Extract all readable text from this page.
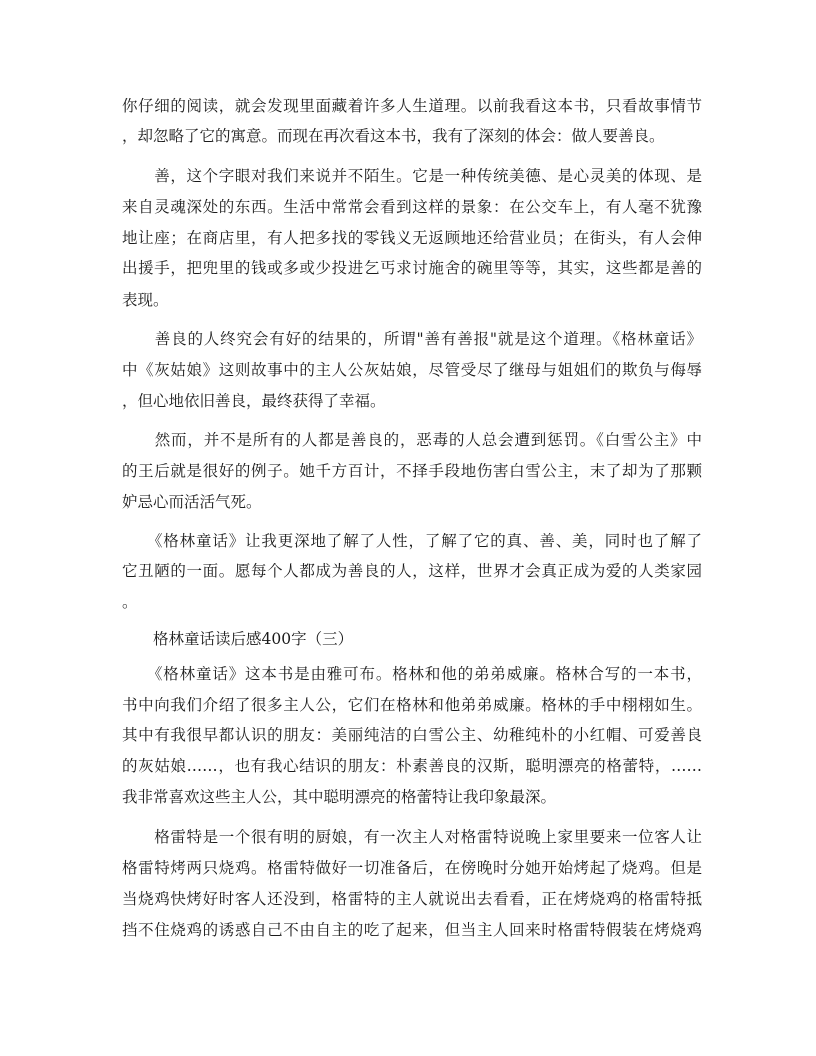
你仔细的阅读，就会发现里面藏着许多人生道理。以前我看这本书，只看故事情节
，却忽略了它的寓意。而现在再次看这本书，我有了深刻的体会：做人要善良。
　　善，这个字眼对我们来说并不陌生。它是一种传统美德、是心灵美的体现、是
来自灵魂深处的东西。生活中常常会看到这样的景象：在公交车上，有人毫不犹豫
地让座；在商店里，有人把多找的零钱义无返顾地还给营业员；在街头，有人会伸
出援手，把兜里的钱或多或少投进乞丐求讨施舍的碗里等等，其实，这些都是善的
表现。
　　善良的人终究会有好的结果的，所谓"善有善报"就是这个道理。《格林童话》
中《灰姑娘》这则故事中的主人公灰姑娘，尽管受尽了继母与姐姐们的欺负与侮辱
，但心地依旧善良，最终获得了幸福。
　　然而，并不是所有的人都是善良的，恶毒的人总会遭到惩罚。《白雪公主》中
的王后就是很好的例子。她千方百计，不择手段地伤害白雪公主，末了却为了那颗
妒忌心而活活气死。
　　《格林童话》让我更深地了解了人性，了解了它的真、善、美，同时也了解了
它丑陋的一面。愿每个人都成为善良的人，这样，世界才会真正成为爱的人类家园
。
　　格林童话读后感400字（三）
　　《格林童话》这本书是由雅可布。格林和他的弟弟威廉。格林合写的一本书，
书中向我们介绍了很多主人公，它们在格林和他弟弟威廉。格林的手中栩栩如生。
其中有我很早都认识的朋友：美丽纯洁的白雪公主、幼稚纯朴的小红帽、可爱善良
的灰姑娘……，也有我心结识的朋友：朴素善良的汉斯，聪明漂亮的格蕾特，……
我非常喜欢这些主人公，其中聪明漂亮的格蕾特让我印象最深。
　　格雷特是一个很有明的厨娘，有一次主人对格雷特说晚上家里要来一位客人让
格雷特烤两只烧鸡。格雷特做好一切准备后，在傍晚时分她开始烤起了烧鸡。但是
当烧鸡快烤好时客人还没到，格雷特的主人就说出去看看，正在烤烧鸡的格雷特抵
挡不住烧鸡的诱惑自己不由自主的吃了起来，但当主人回来时格雷特假装在烤烧鸡
